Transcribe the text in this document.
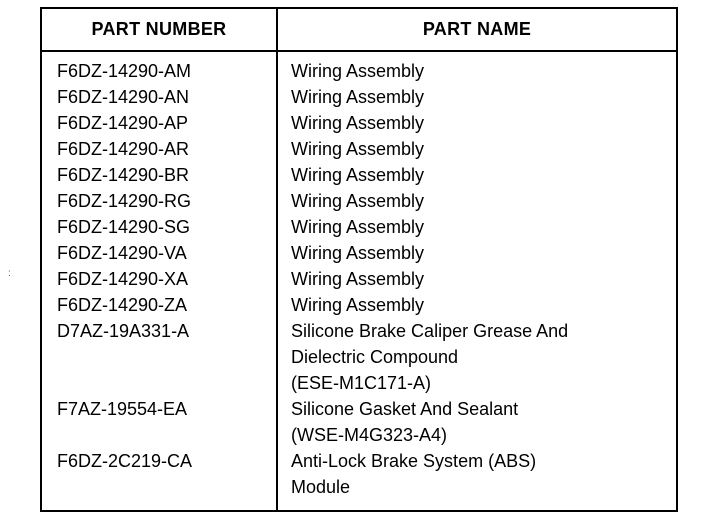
:
PART NUMBER	PART NAME
F6DZ-14290-AM	Wiring Assembly
F6DZ-14290-AN	Wiring Assembly
F6DZ-14290-AP	Wiring Assembly
F6DZ-14290-AR	Wiring Assembly
F6DZ-14290-BR	Wiring Assembly
F6DZ-14290-RG	Wiring Assembly
F6DZ-14290-SG	Wiring Assembly
F6DZ-14290-VA	Wiring Assembly
F6DZ-14290-XA	Wiring Assembly
F6DZ-14290-ZA	Wiring Assembly
D7AZ-19A331-A	Silicone Brake Caliper Grease And
Dielectric Compound
(ESE-M1C171-A)
F7AZ-19554-EA	Silicone Gasket And Sealant
(WSE-M4G323-A4)
F6DZ-2C219-CA	Anti-Lock Brake System (ABS)
Module
